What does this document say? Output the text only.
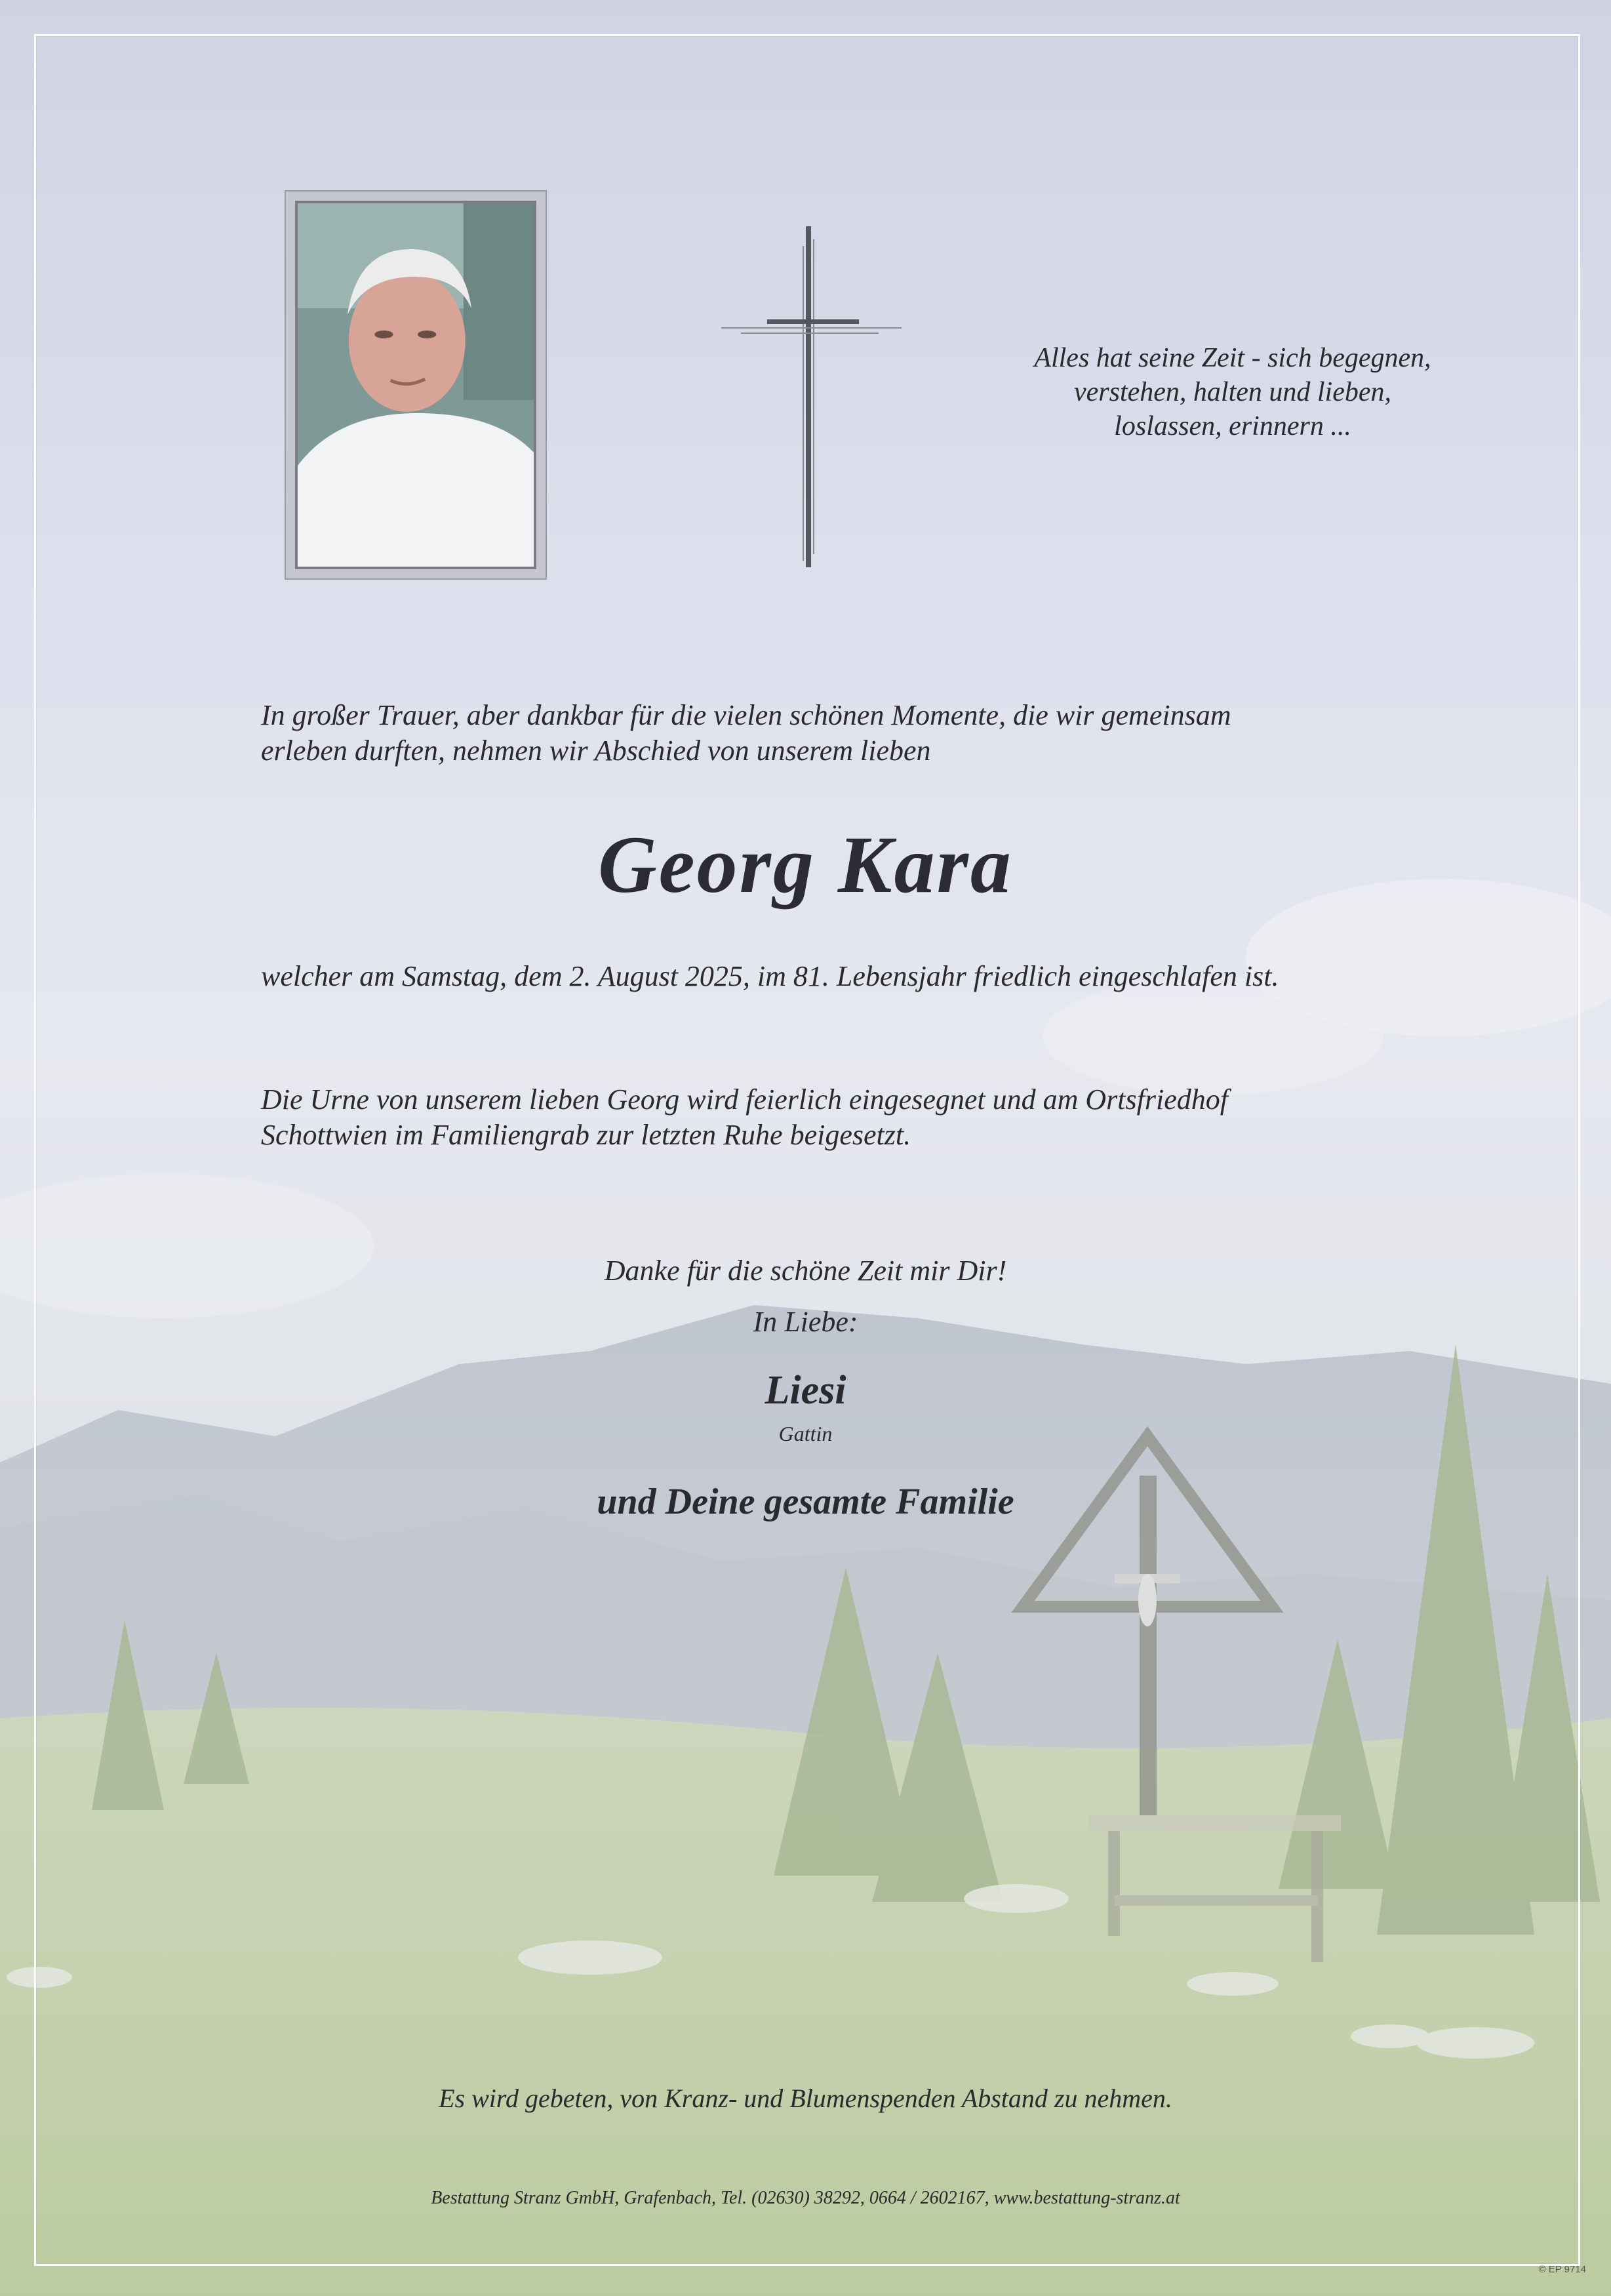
Alles hat seine Zeit - sich begegnen,
verstehen, halten und lieben,
loslassen, erinnern ...
In großer Trauer, aber dankbar für die vielen schönen Momente, die wir gemeinsam
erleben durften, nehmen wir Abschied von unserem lieben

Georg Kara

welcher am Samstag, dem 2. August 2025, im 81. Lebensjahr friedlich eingeschlafen ist.

Die Urne von unserem lieben Georg wird feierlich eingesegnet und am Ortsfriedhof
Schottwien im Familiengrab zur letzten Ruhe beigesetzt.

Danke für die schöne Zeit mir Dir!

In Liebe:

Liesi

Gattin

und Deine gesamte Familie

Es wird gebeten, von Kranz- und Blumenspenden Abstand zu nehmen.

Bestattung Stranz GmbH, Grafenbach, Tel. (02630) 38292, 0664 / 2602167, www.bestattung-stranz.at

© EP 9714
